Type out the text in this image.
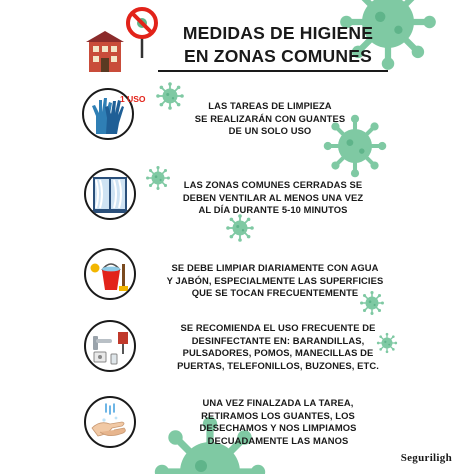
MEDIDAS DE HIGIENE
EN ZONAS COMUNES
1 USO
LAS TAREAS DE LIMPIEZA
SE REALIZARÁN CON GUANTES
DE UN SOLO USO
LAS ZONAS COMUNES CERRADAS SE
DEBEN VENTILAR AL MENOS UNA VEZ
AL DÍA DURANTE 5-10 MINUTOS
SE DEBE LIMPIAR DIARIAMENTE CON AGUA
Y JABÓN, ESPECIALMENTE LAS SUPERFICIES
QUE SE TOCAN FRECUENTEMENTE
SE RECOMIENDA EL USO FRECUENTE DE
DESINFECTANTE EN: BARANDILLAS,
PULSADORES, POMOS, MANECILLAS DE
PUERTAS, TELEFONILLOS, BUZONES, ETC.
UNA VEZ FINALZADA LA TAREA,
RETIRAMOS LOS GUANTES, LOS
DESECHAMOS Y NOS LIMPIAMOS
DECUADAMENTE LAS MANOS
Seguriligh
